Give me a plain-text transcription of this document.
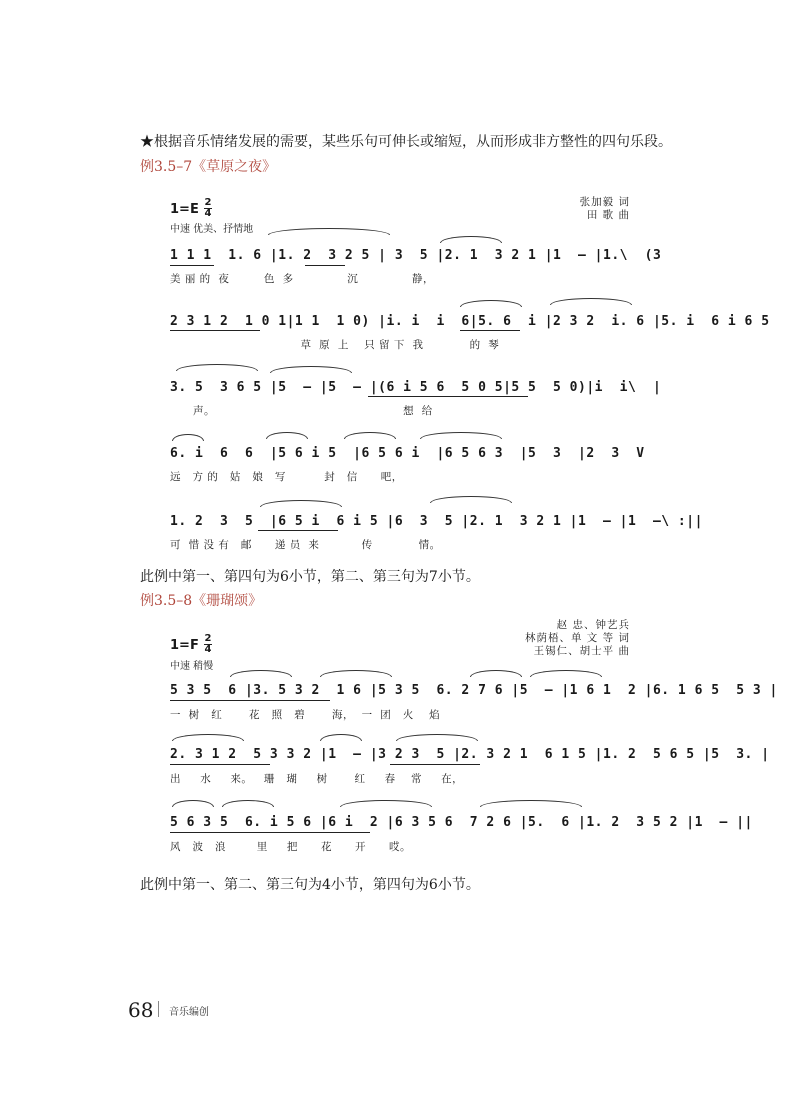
★根据音乐情绪发展的需要，某些乐句可伸长或缩短，从而形成非方整性的四句乐段。
例3.5–7《草原之夜》
1=E 2
4
中速 优美、抒情地
张加毅 词
田 歌 曲
1 1 1  1. 6 |1. 2  3 2 5 | 3  5 |2. 1  3 2 1 |1  – |1.\  (3
美 丽 的  夜         色  多              沉              静，
2 3 1 2  1 0 1|1 1  1 0) |i. i  i  6|5. 6  i |2 3 2  i. 6 |5. i  6 i 6 5
草  原  上    只 留 下  我            的  琴
3. 5  3 6 5 |5  – |5  – |(6 i 5 6  5 0 5|5 5  5 0)|i  i\  |
声。                                                 想  给
6. i  6  6  |5 6 i 5  |6 5 6 i  |6 5 6 3  |5  3  |2  3  V
远   方 的   姑   娘   写          封   信      吧，
1. 2  3  5  |6 5 i  6 i 5 |6  3  5 |2. 1  3 2 1 |1  – |1  –\ :||
可  惜 没 有   邮      递 员  来           传            情。
此例中第一、第四句为6小节，第二、第三句为7小节。
例3.5–8《珊瑚颂》
1=F 2
4
中速 稍慢
赵 忠、钟艺兵
林荫梧、单 文 等 词
王锡仁、胡士平 曲
5 3 5  6 |3. 5 3 2  1 6 |5 3 5  6. 2 7 6 |5  – |1 6 1  2 |6. 1 6 5  5 3 |
一  树   红       花   照   碧       海，  一  团   火    焰
2. 3 1 2  5 3 3 2 |1  – |3 2 3  5 |2. 3 2 1  6 1 5 |1. 2  5 6 5 |5  3. |
出     水     来。   珊   瑚     树       红     春    常     在，
5 6 3 5  6. i 5 6 |6 i  2 |6 3 5 6  7 2 6 |5.  6 |1. 2  3 5 2 |1  – ||
风   波   浪        里     把      花      开      哎。
此例中第一、第二、第三句为4小节，第四句为6小节。
68 音乐编创
